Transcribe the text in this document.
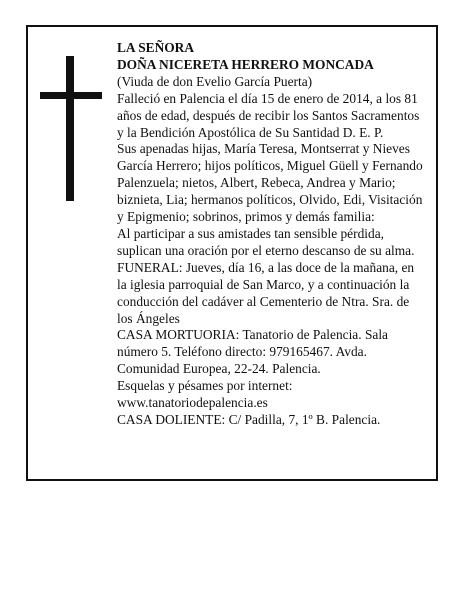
LA SEÑORA

DOÑA NICERETA HERRERO MONCADA

(Viuda de don Evelio García Puerta)

Falleció en Palencia el día 15 de enero de 2014, a los 81 años de edad, después de recibir los Santos Sacramentos y la Bendición Apostólica de Su Santidad D. E. P.

Sus apenadas hijas, María Teresa, Montserrat y Nieves García Herrero; hijos políticos, Miguel Güell y Fernando Palenzuela; nietos, Albert, Rebeca, Andrea y Mario; biznieta, Lia; hermanos políticos, Olvido, Edi, Visitación y Epigmenio; sobrinos, primos y demás familia:

Al participar a sus amistades tan sensible pérdida, suplican una oración por el eterno descanso de su alma.

FUNERAL: Jueves, día 16, a las doce de la mañana, en la iglesia parroquial de San Marco, y a continuación la conducción del cadáver al Cementerio de Ntra. Sra. de los Ángeles

CASA MORTUORIA: Tanatorio de Palencia. Sala número 5. Teléfono directo: 979165467. Avda. Comunidad Europea, 22-24. Palencia.

Esquelas y pésames por internet:

www.tanatoriodepalencia.es

CASA DOLIENTE: C/ Padilla, 7, 1º B. Palencia.
